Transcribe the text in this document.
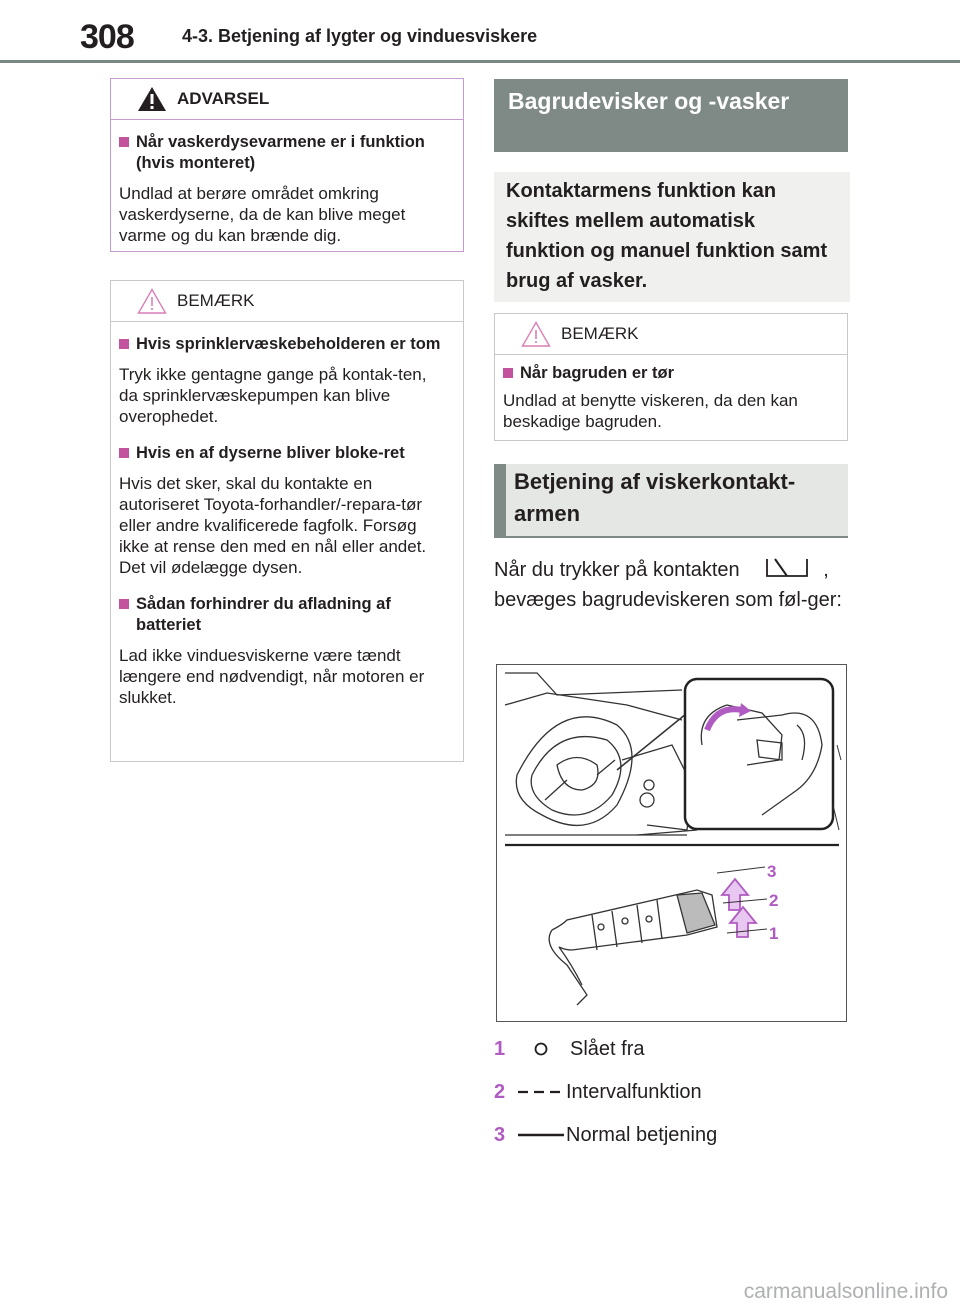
308	4-3. Betjening af lygter og vinduesviskere
ADVARSEL
Når vaskerdysevarmene er i funktion (hvis monteret)
Undlad at berøre området omkring vaskerdyserne, da de kan blive meget varme og du kan brænde dig.
BEMÆRK
Hvis sprinklervæskebeholderen er tom
Tryk ikke gentagne gange på kontak-ten, da sprinklervæskepumpen kan blive overophedet.
Hvis en af dyserne bliver bloke-ret
Hvis det sker, skal du kontakte en autoriseret Toyota-forhandler/-repara-tør eller andre kvalificerede fagfolk. Forsøg ikke at rense den med en nål eller andet. Det vil ødelægge dysen.
Sådan forhindrer du afladning af batteriet
Lad ikke vinduesviskerne være tændt længere end nødvendigt, når motoren er slukket.
Bagrudevisker og -vasker
Kontaktarmens funktion kan skiftes mellem automatisk funktion og manuel funktion samt brug af vasker.
BEMÆRK
Når bagruden er tør
Undlad at benytte viskeren, da den kan beskadige bagruden.
Betjening af viskerkontakt-armen
Når du trykker på kontakten	, bevæges bagrudeviskeren som føl-ger:
3
2
1
1	Slået fra
2	Intervalfunktion
3	Normal betjening
carmanualsonline.info
